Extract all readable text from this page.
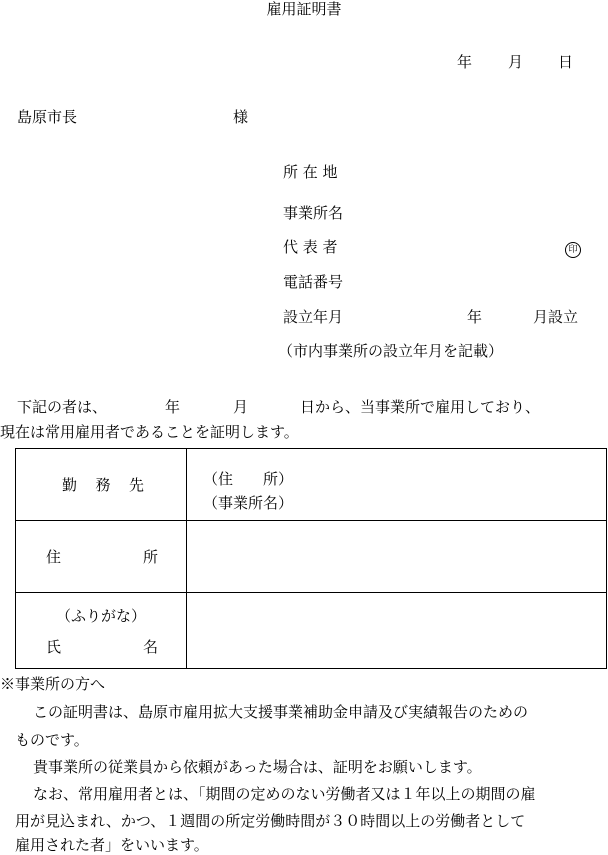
雇用証明書
年 月 日
島原市長	様
所 在 地
事業所名
代 表 者	印
電話番号
設立年月	年	月設立
（市内事業所の設立年月を記載）
下記の者は、	年	月	日から、当事業所で雇用しており、
現在は常用雇用者であることを証明します。
勤 務 先	（住　　所）
（事業所名）

住 所	

（ふりがな）
氏 名	

※事業所の方へ
この証明書は、島原市雇用拡大支援事業補助金申請及び実績報告のための
ものです。
貴事業所の従業員から依頼があった場合は、証明をお願いします。
なお、常用雇用者とは、「期間の定めのない労働者又は１年以上の期間の雇
用が見込まれ、かつ、１週間の所定労働時間が３０時間以上の労働者として
雇用された者」をいいます。
